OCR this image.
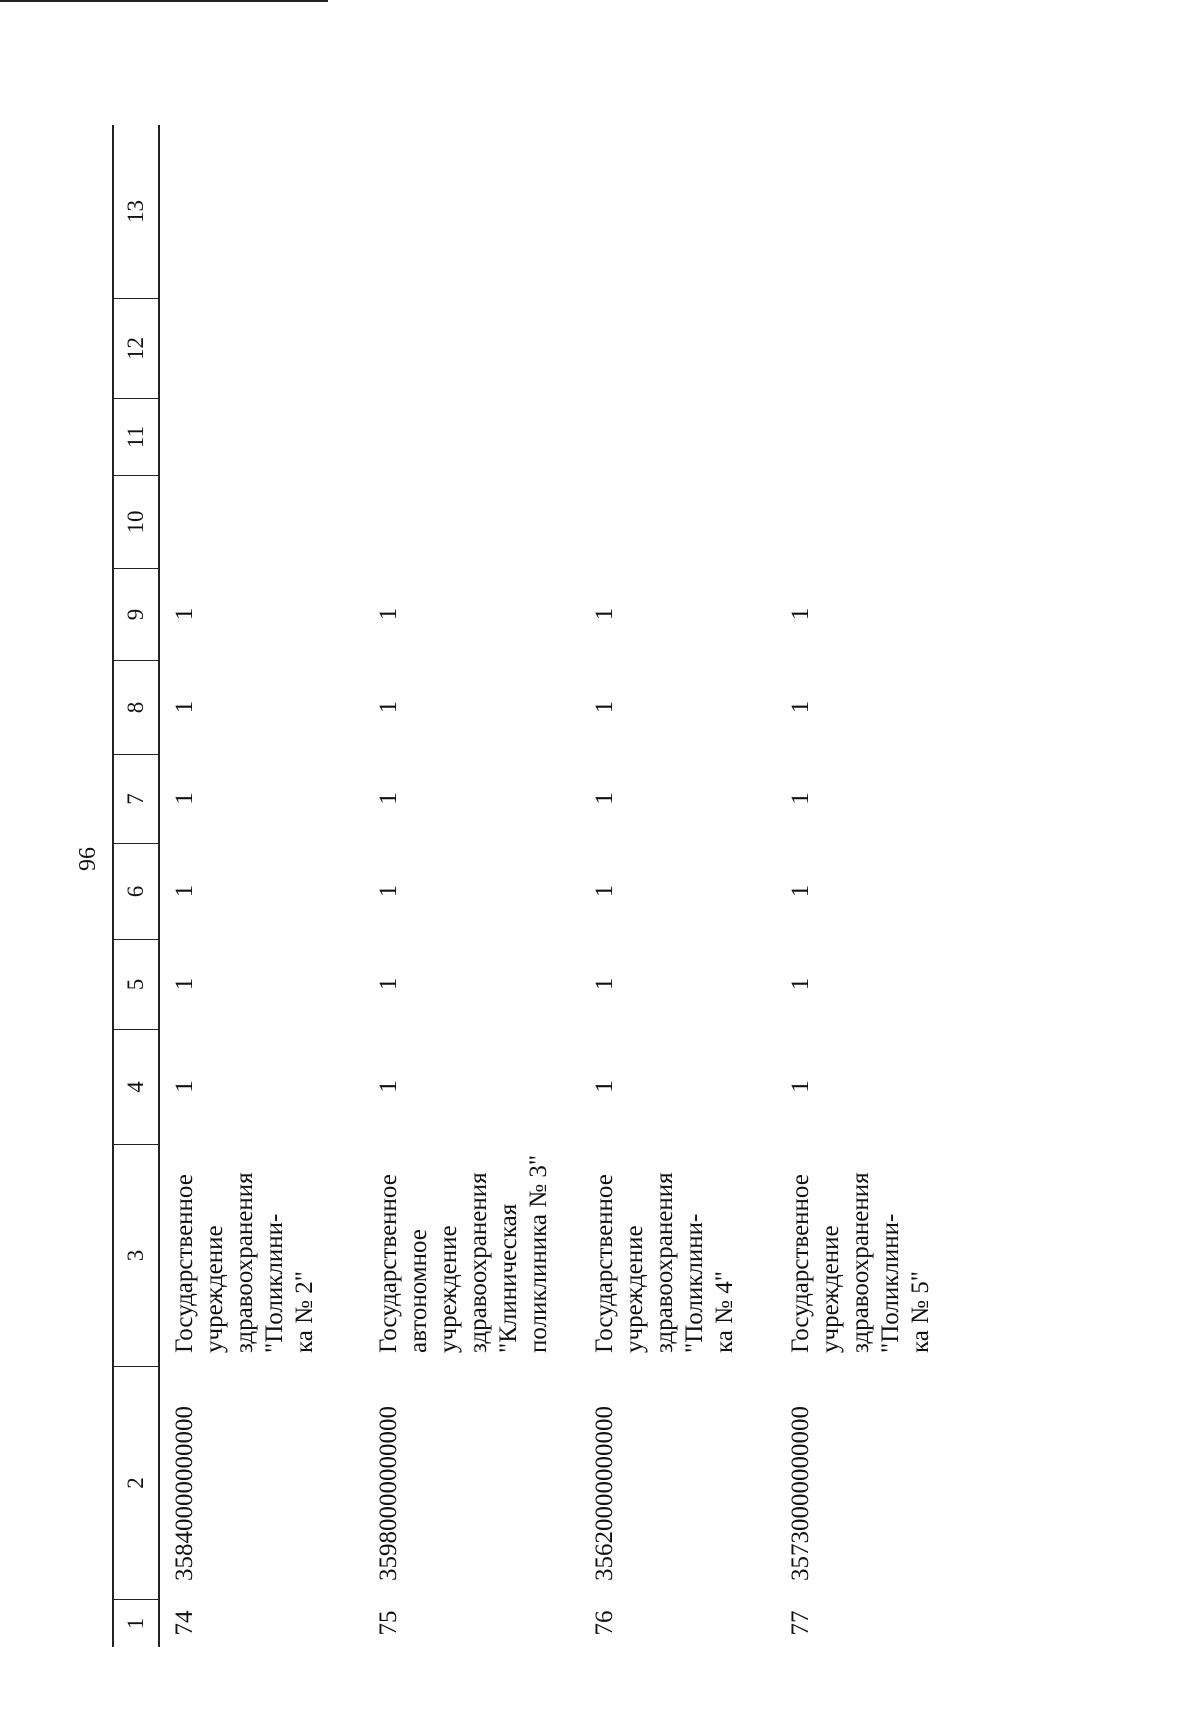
96
1
2
3
4
5
6
7
8
9
10
11
12
13
74
35840000000000
Государственное учреждение здравоохранения "Поликлини- ка № 2"
1
1
1
1
1
1
75
35980000000000
Государственное автономное учреждение здравоохранения "Клиническая поликлиника № 3"
1
1
1
1
1
1
76
35620000000000
Государственное учреждение здравоохранения "Поликлини- ка № 4"
1
1
1
1
1
1
77
35730000000000
Государственное учреждение здравоохранения "Поликлини- ка № 5"
1
1
1
1
1
1
